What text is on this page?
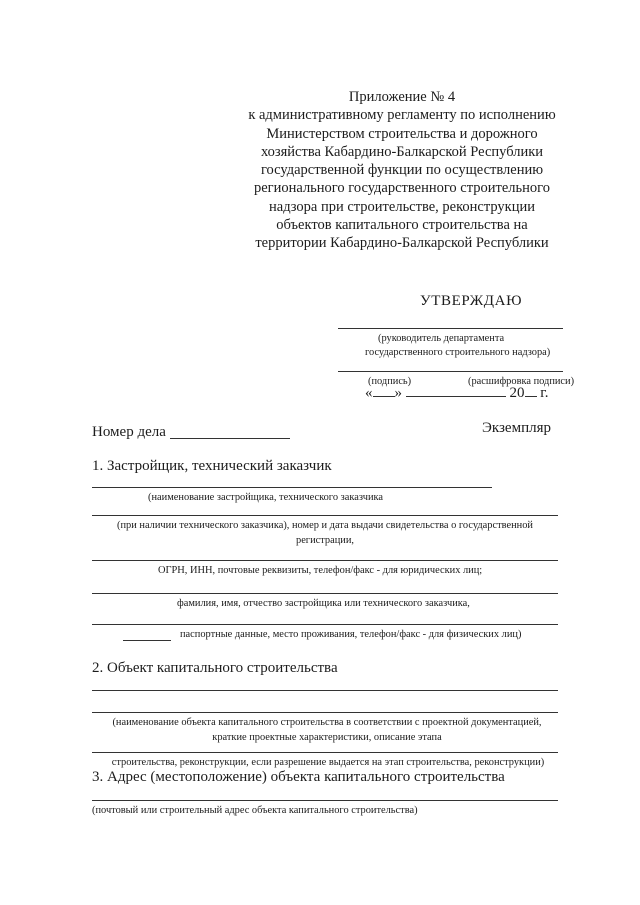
Приложение № 4
к административному регламенту по исполнению
Министерством строительства и дорожного
хозяйства Кабардино-Балкарской Республики
государственной функции по осуществлению
регионального государственного строительного
надзора при строительстве, реконструкции
объектов капитального строительства на
территории Кабардино-Балкарской Республики
УТВЕРЖДАЮ
(руководитель департамента
государственного строительного надзора)
(подпись)	(расшифровка подписи)
« »	20 г.
Номер дела	Экземпляр
1. Застройщик, технический заказчик
(наименование застройщика, технического заказчика
(при наличии технического заказчика), номер и дата выдачи свидетельства о государственной
регистрации,
ОГРН, ИНН, почтовые реквизиты, телефон/факс - для юридических лиц;
фамилия, имя, отчество застройщика или технического заказчика,
паспортные данные, место проживания, телефон/факс - для физических лиц)
2. Объект капитального строительства
(наименование объекта капитального строительства в соответствии с проектной документацией,
краткие проектные характеристики, описание этапа
строительства, реконструкции, если разрешение выдается на этап строительства, реконструкции)
3. Адрес (местоположение) объекта капитального строительства
(почтовый или строительный адрес объекта капитального строительства)
